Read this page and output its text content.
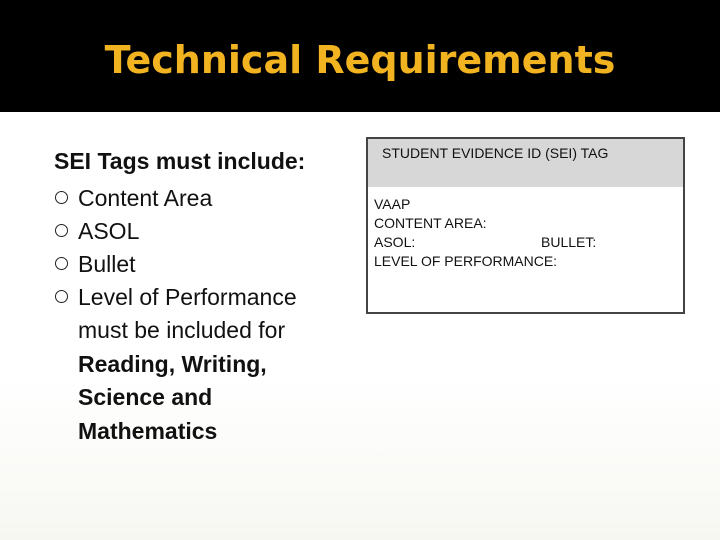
Technical Requirements
SEI Tags must include:
Content Area
ASOL
Bullet
Level of Performance
must be included for
Reading, Writing,
Science and
Mathematics
STUDENT EVIDENCE ID (SEI) TAG
VAAP
CONTENT AREA:
ASOL:	BULLET:
LEVEL OF PERFORMANCE:
